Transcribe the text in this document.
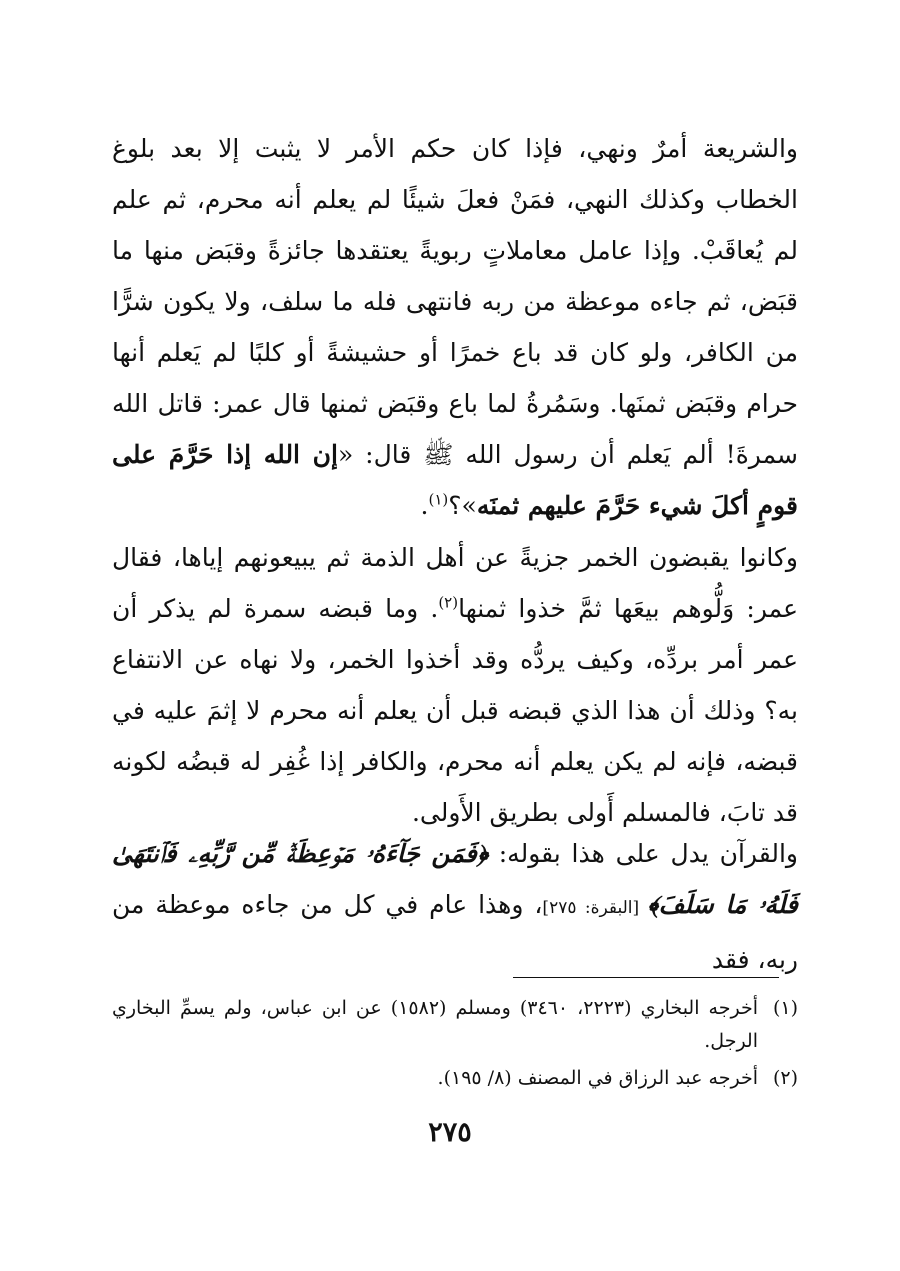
والشريعة أمرٌ ونهي، فإذا كان حكم الأمر لا يثبت إلا بعد بلوغ الخطاب وكذلك النهي، فمَنْ فعلَ شيئًا لم يعلم أنه محرم، ثم علم لم يُعاقَبْ. وإذا عامل معاملاتٍ ربويةً يعتقدها جائزةً وقبَض منها ما قبَض، ثم جاءه موعظة من ربه فانتهى فله ما سلف، ولا يكون شرًّا من الكافر، ولو كان قد باع خمرًا أو حشيشةً أو كلبًا لم يَعلم أنها حرام وقبَض ثمنَها. وسَمُرةُ لما باع وقبَض ثمنها قال عمر: قاتل الله سمرةَ! ألم يَعلم أن رسول الله ﷺ قال: «إن الله إذا حَرَّمَ على قومٍ أكلَ شيء حَرَّمَ عليهم ثمنَه»؟$^{(١)}$.

وكانوا يقبضون الخمر جزيةً عن أهل الذمة ثم يبيعونهم إياها، فقال عمر: وَلُّوهم بيعَها ثمَّ خذوا ثمنها$^{(٢)}$. وما قبضه سمرة لم يذكر أن عمر أمر بردِّه، وكيف يردُّه وقد أخذوا الخمر، ولا نهاه عن الانتفاع به؟ وذلك أن هذا الذي قبضه قبل أن يعلم أنه محرم لا إثمَ عليه في قبضه، فإنه لم يكن يعلم أنه محرم، والكافر إذا غُفِر له قبضُه لكونه قد تابَ، فالمسلم أَولى بطريق الأَولى.

والقرآن يدل على هذا بقوله: ﴿فَمَن جَآءَهُۥ مَوۡعِظَةٞ مِّن رَّبِّهِۦ فَٱنتَهَىٰ فَلَهُۥ مَا سَلَفَ﴾ [البقرة: ٢٧٥]، وهذا عام في كل من جاءه موعظة من ربه، فقد

(١)
أخرجه البخاري (٢٢٢٣، ٣٤٦٠) ومسلم (١٥٨٢) عن ابن عباس، ولم يسمِّ البخاري الرجل.
(٢)
أخرجه عبد الرزاق في المصنف (٨/ ١٩٥).
٢٧٥
